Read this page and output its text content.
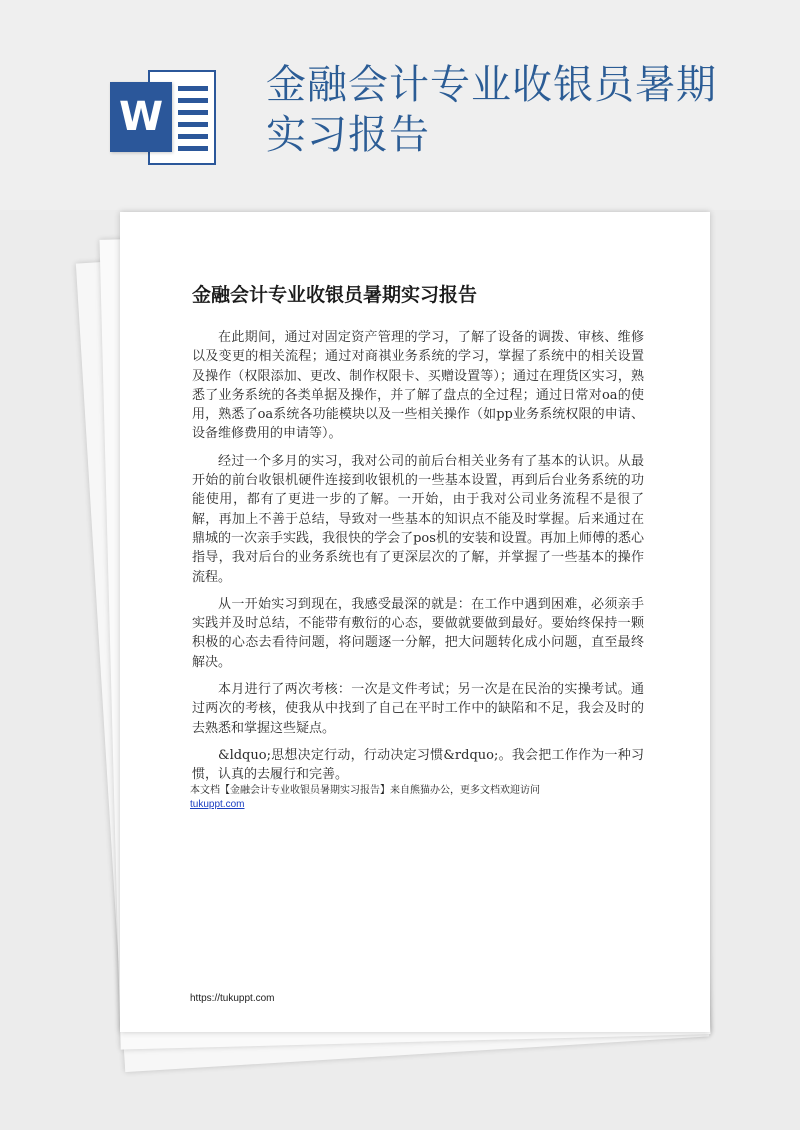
W
金融会计专业收银员暑期实习报告
金融会计专业收银员暑期实习报告

在此期间，通过对固定资产管理的学习，了解了设备的调拨、审核、维修以及变更的相关流程；通过对商祺业务系统的学习，掌握了系统中的相关设置及操作（权限添加、更改、制作权限卡、买赠设置等）；通过在理货区实习，熟悉了业务系统的各类单据及操作，并了解了盘点的全过程；通过日常对oa的使用，熟悉了oa系统各功能模块以及一些相关操作（如pp业务系统权限的申请、设备维修费用的申请等）。

经过一个多月的实习，我对公司的前后台相关业务有了基本的认识。从最开始的前台收银机硬件连接到收银机的一些基本设置，再到后台业务系统的功能使用，都有了更进一步的了解。一开始，由于我对公司业务流程不是很了解，再加上不善于总结，导致对一些基本的知识点不能及时掌握。后来通过在鼎城的一次亲手实践，我很快的学会了pos机的安装和设置。再加上师傅的悉心指导，我对后台的业务系统也有了更深层次的了解，并掌握了一些基本的操作流程。

从一开始实习到现在，我感受最深的就是：在工作中遇到困难，必须亲手实践并及时总结，不能带有敷衍的心态，要做就要做到最好。要始终保持一颗积极的心态去看待问题，将问题逐一分解，把大问题转化成小问题，直至最终解决。

本月进行了两次考核：一次是文件考试；另一次是在民治的实操考试。通过两次的考核，使我从中找到了自己在平时工作中的缺陷和不足，我会及时的去熟悉和掌握这些疑点。

&ldquo;思想决定行动，行动决定习惯&rdquo;。我会把工作作为一种习惯，认真的去履行和完善。

本文档【金融会计专业收银员暑期实习报告】来自熊猫办公，更多文档欢迎访问
tukuppt.com
https://tukuppt.com
